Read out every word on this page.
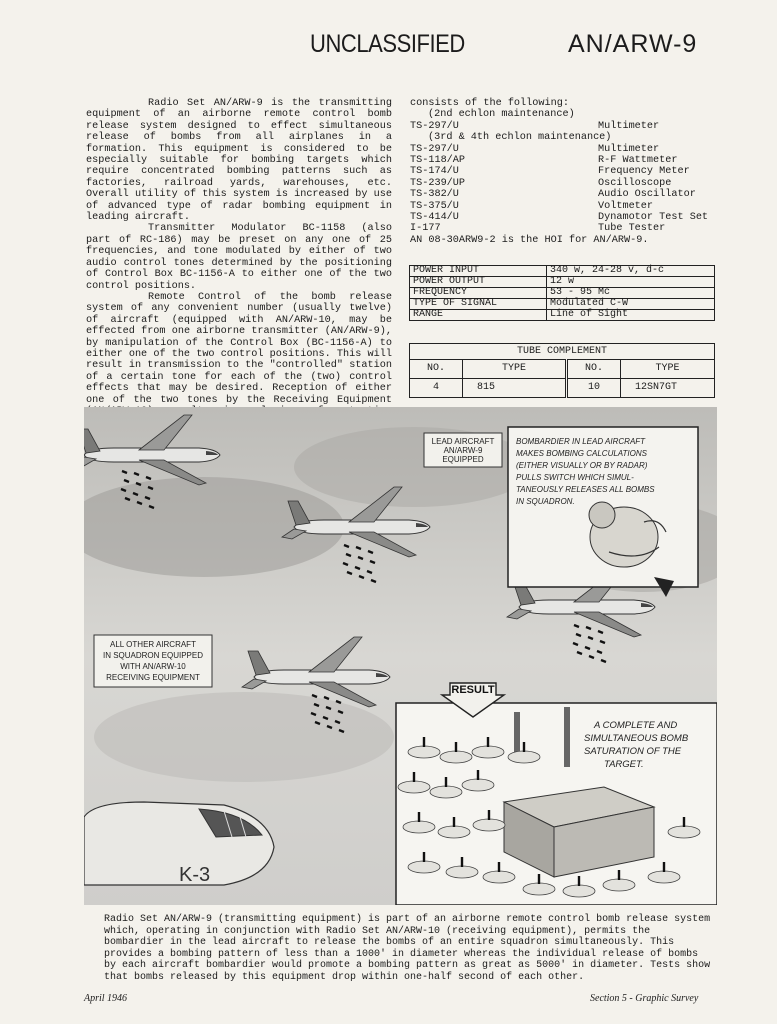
UNCLASSIFIED	AN/ARW-9

Radio Set AN/ARW-9 is the transmitting equipment of an airborne remote control bomb release system designed to effect simultaneous release of bombs from all airplanes in a formation. This equipment is considered to be especially suitable for bombing targets which require concentrated bombing patterns such as factories, railroad yards, warehouses, etc. Overall utility of this system is increased by use of advanced type of radar bombing equipment in leading aircraft.

Transmitter Modulator BC-1158 (also part of RC-186) may be preset on any one of 25 frequencies, and tone modulated by either of two audio control tones determined by the positioning of Control Box BC-1156-A to either one of the two control positions.

Remote Control of the bomb release system of any convenient number (usually twelve) of aircraft (equipped with AN/ARW-10, may be effected from one airborne transmitter (AN/ARW-9), by manipulation of the Control Box (BC-1156-A) to either one of the two control positions. This will result in transmission to the "controlled" station of a certain tone for each of the (two) control effects that may be desired. Reception of either one of the two tones by the Receiving Equipment

consists of the following:
(2nd echlon maintenance)
TS-297/U	Multimeter
(3rd & 4th echlon maintenance)
TS-297/U	Multimeter
TS-118/AP	R-F Wattmeter
TS-174/U	Frequency Meter
TS-239/UP	Oscilloscope
TS-382/U	Audio Oscillator
TS-375/U	Voltmeter
TS-414/U	Dynamotor Test Set
I-177	Tube Tester
AN 08-30ARW9-2 is the HOI for AN/ARW-9.
POWER INPUT	340 w, 24-28 v, d-c
POWER OUTPUT	12 w
FREQUENCY	53 - 95 Mc
TYPE OF SIGNAL	Modulated C-W
RANGE	Line of Sight
TUBE COMPLEMENT			
NO.	TYPE	NO.	TYPE
4	815	10	12SN7GT
LEAD AIRCRAFT
AN/ARW-9
EQUIPPED
BOMBARDIER IN LEAD AIRCRAFT
MAKES BOMBING CALCULATIONS
(EITHER VISUALLY OR BY RADAR)
PULLS SWITCH WHICH SIMUL-
TANEOUSLY RELEASES ALL BOMBS
IN SQUADRON.
ALL OTHER AIRCRAFT
IN SQUADRON EQUIPPED
WITH AN/ARW-10
RECEIVING EQUIPMENT
K-3
RESULT
A COMPLETE AND
SIMULTANEOUS BOMB
SATURATION OF THE
TARGET.
Radio Set AN/ARW-9 (transmitting equipment) is part of an airborne remote control bomb release system which, operating in conjunction with Radio Set AN/ARW-10 (receiving equipment), permits the bombardier in the lead aircraft to release the bombs of an entire squadron simultaneously. This provides a bombing pattern of less than a 1000' in diameter whereas the individual release of bombs by each aircraft bombardier would promote a bombing pattern as great as 5000' in diameter. Tests show that bombs released by this equipment drop within one-half second of each other.
April 1946	Section 5 - Graphic Survey
